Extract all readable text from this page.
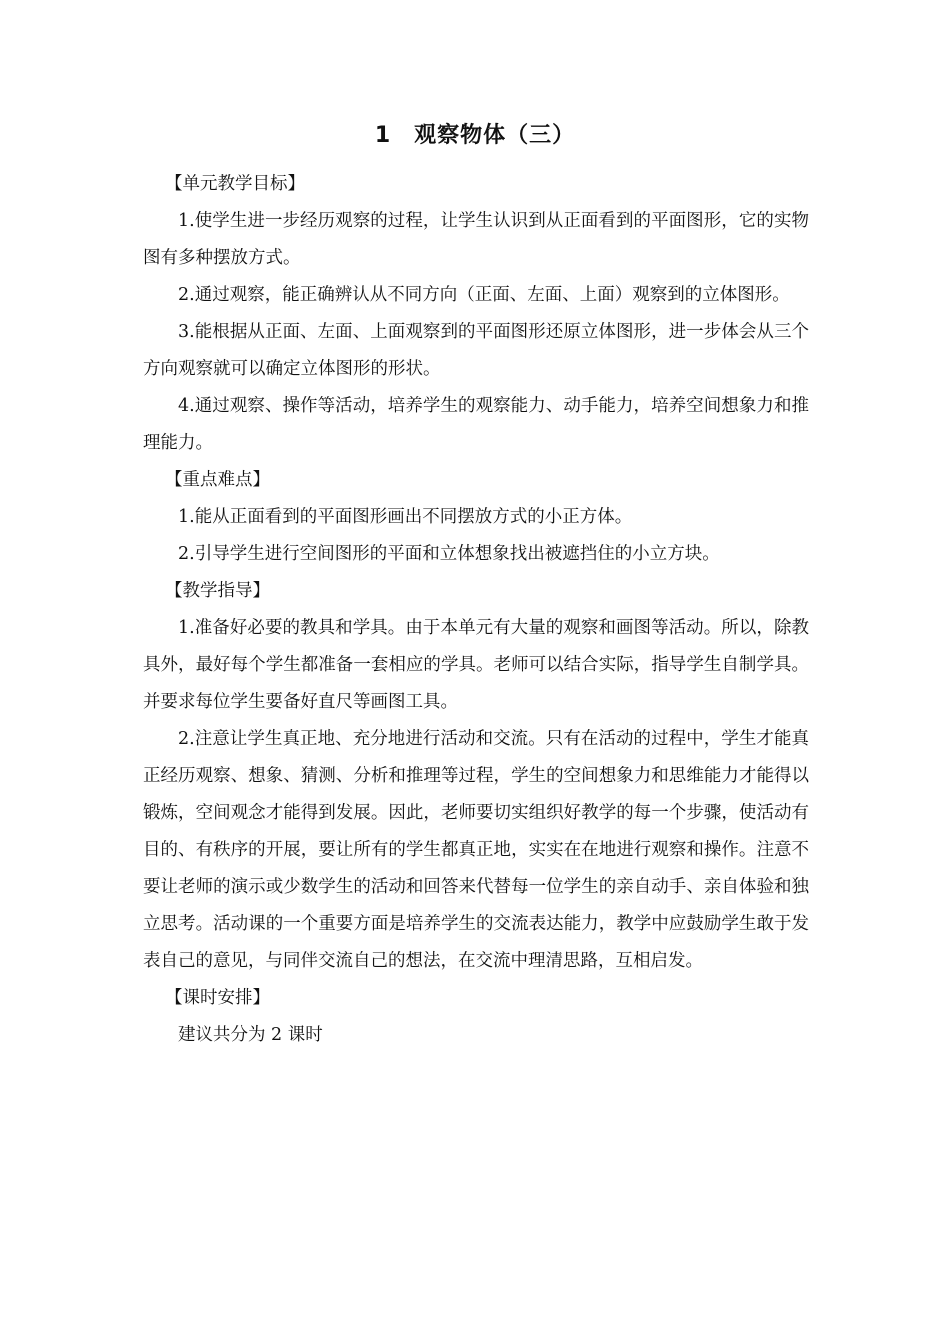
1　观察物体（三）

【单元教学目标】

1.使学生进一步经历观察的过程，让学生认识到从正面看到的平面图形，它的实物图有多种摆放方式。

2.通过观察，能正确辨认从不同方向（正面、左面、上面）观察到的立体图形。

3.能根据从正面、左面、上面观察到的平面图形还原立体图形，进一步体会从三个方向观察就可以确定立体图形的形状。

4.通过观察、操作等活动，培养学生的观察能力、动手能力，培养空间想象力和推理能力。

【重点难点】

1.能从正面看到的平面图形画出不同摆放方式的小正方体。

2.引导学生进行空间图形的平面和立体想象找出被遮挡住的小立方块。

【教学指导】

1.准备好必要的教具和学具。由于本单元有大量的观察和画图等活动。所以，除教具外，最好每个学生都准备一套相应的学具。老师可以结合实际，指导学生自制学具。并要求每位学生要备好直尺等画图工具。

2.注意让学生真正地、充分地进行活动和交流。只有在活动的过程中，学生才能真正经历观察、想象、猜测、分析和推理等过程，学生的空间想象力和思维能力才能得以锻炼，空间观念才能得到发展。因此，老师要切实组织好教学的每一个步骤，使活动有目的、有秩序的开展，要让所有的学生都真正地，实实在在地进行观察和操作。注意不要让老师的演示或少数学生的活动和回答来代替每一位学生的亲自动手、亲自体验和独立思考。活动课的一个重要方面是培养学生的交流表达能力，教学中应鼓励学生敢于发表自己的意见，与同伴交流自己的想法，在交流中理清思路，互相启发。

【课时安排】

建议共分为 2 课时
